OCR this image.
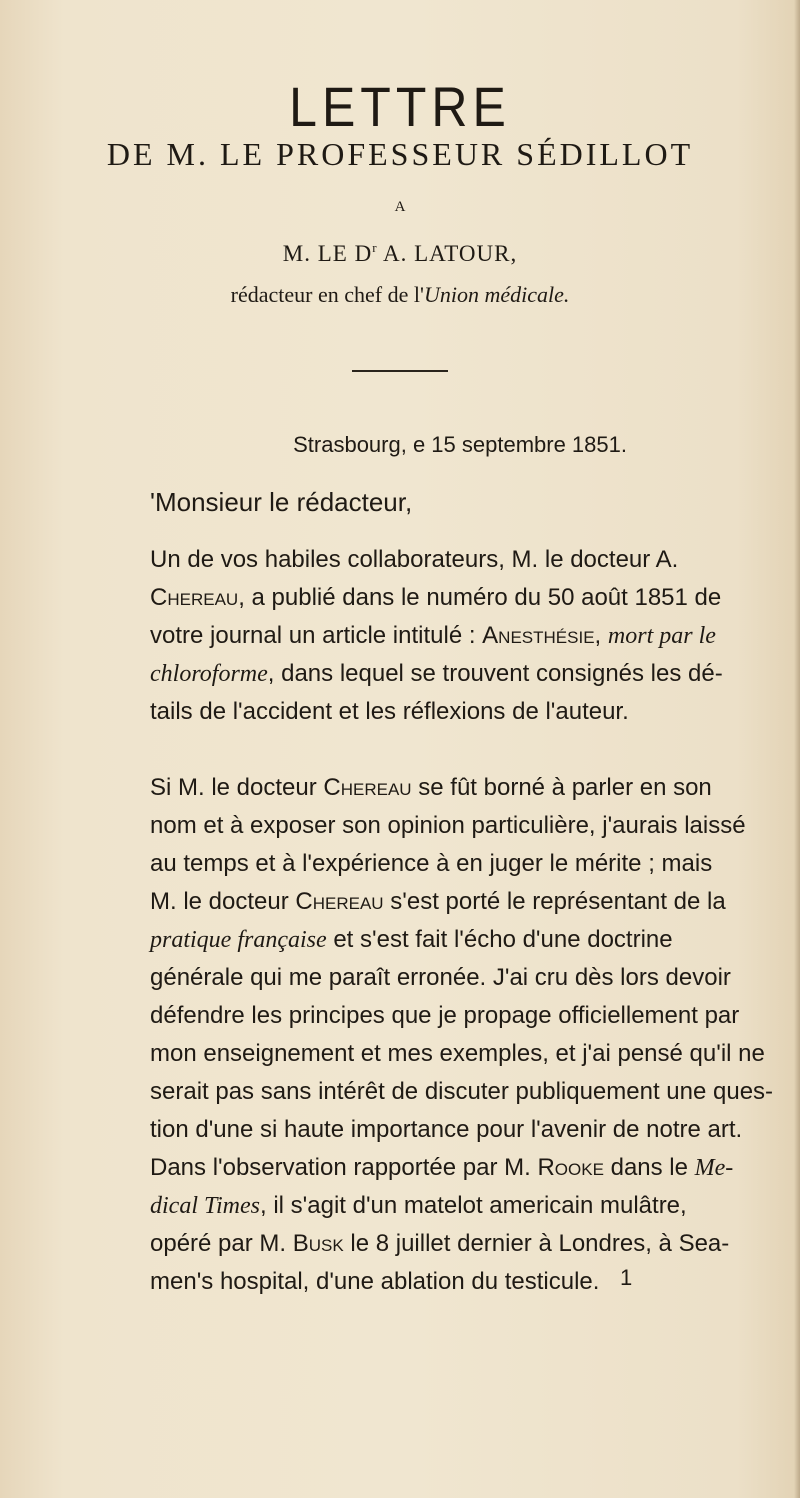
LETTRE
DE M. LE PROFESSEUR SÉDILLOT
A
M. LE $D^r$ A. LATOUR,
rédacteur en chef de l'Union médicale.
Strasbourg, e 15 septembre 1851.
'Monsieur le rédacteur,
Un de vos habiles collaborateurs, M. le docteur A.
Chereau, a publié dans le numéro du 50 août 1851 de
votre journal un article intitulé : Anesthésie, mort par le
chloroforme, dans lequel se trouvent consignés les dé-
tails de l'accident et les réflexions de l'auteur.
Si M. le docteur Chereau se fût borné à parler en son
nom et à exposer son opinion particulière, j'aurais laissé
au temps et à l'expérience à en juger le mérite ; mais
M. le docteur Chereau s'est porté le représentant de la
pratique française et s'est fait l'écho d'une doctrine
générale qui me paraît erronée. J'ai cru dès lors devoir
défendre les principes que je propage officiellement par
mon enseignement et mes exemples, et j'ai pensé qu'il ne
serait pas sans intérêt de discuter publiquement une ques-
tion d'une si haute importance pour l'avenir de notre art.
Dans l'observation rapportée par M. Rooke dans le Me-
dical Times, il s'agit d'un matelot americain mulâtre,
opéré par M. Busk le 8 juillet dernier à Londres, à Sea-
men's hospital, d'une ablation du testicule. 1
